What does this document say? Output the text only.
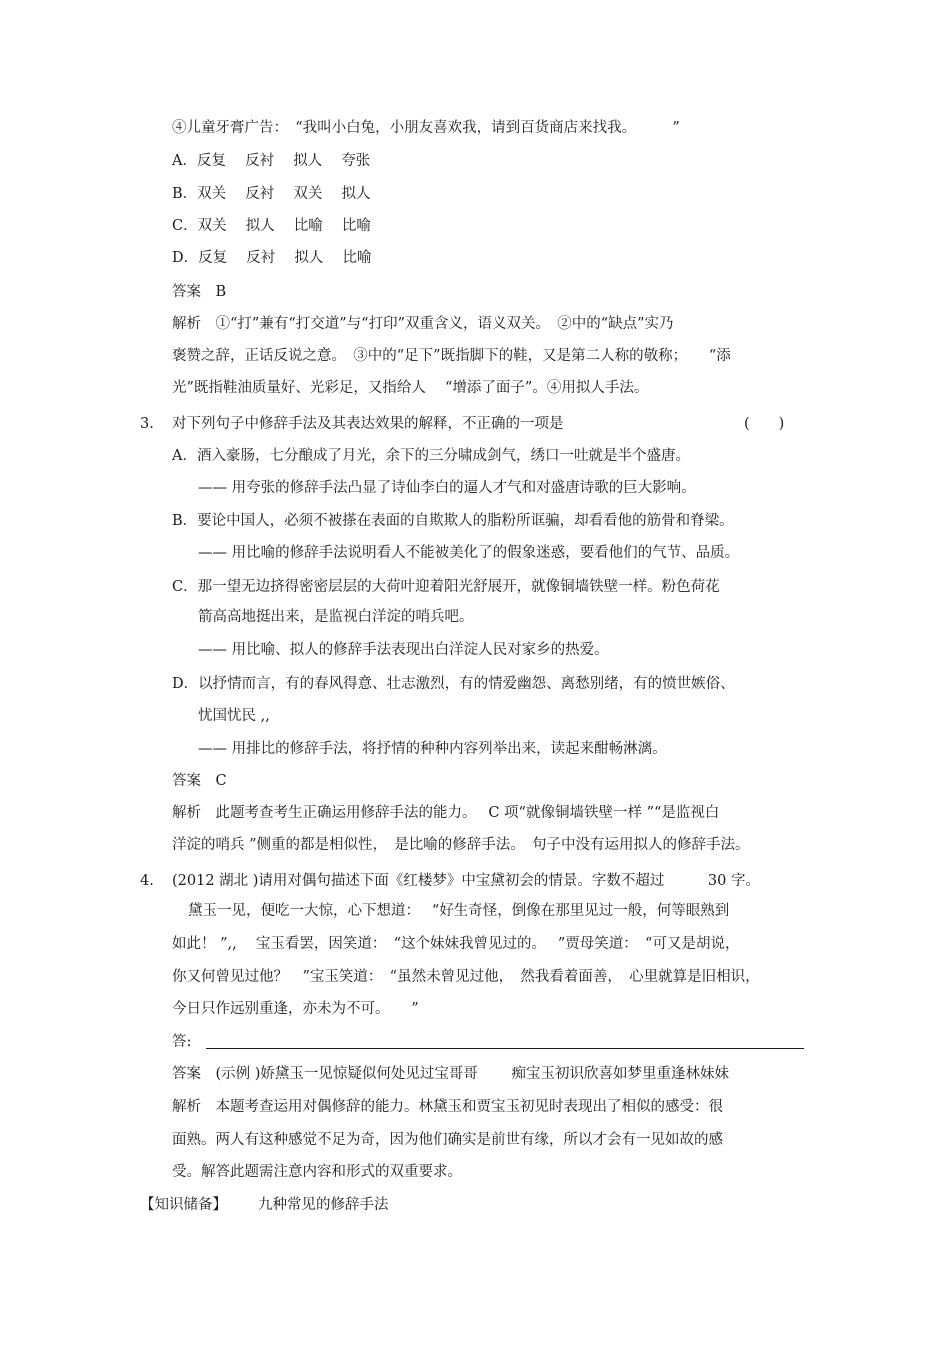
④儿童牙膏广告：　“我叫小白兔，小朋友喜欢我，请到百货商店来找我。　　　”
A．反复　 反衬　 拟人　 夸张
B．双关　 反衬　 双关　 拟人
C．双关　 拟人　 比喻　 比喻
D．反复　 反衬　 拟人　 比喻
答案　B
解析　①“打”兼有“打交道”与“打印”双重含义，语义双关。　②中的“缺点”实乃
褒赞之辞，正话反说之意。　③中的“足下”既指脚下的鞋，又是第二人称的敬称；　　“添
光”既指鞋油质量好、光彩足，又指给人　 “增添了面子”。④用拟人手法。
3. 对下列句子中修辞手法及其表达效果的解释，不正确的一项是	(　　)
A．酒入豪肠，七分酿成了月光，余下的三分啸成剑气，绣口一吐就是半个盛唐。
—— 用夸张的修辞手法凸显了诗仙李白的逼人才气和对盛唐诗歌的巨大影响。
B．要论中国人，必须不被搽在表面的自欺欺人的脂粉所诓骗，却看看他的筋骨和脊梁。
—— 用比喻的修辞手法说明看人不能被美化了的假象迷惑，要看他们的气节、品质。
C．那一望无边挤得密密层层的大荷叶迎着阳光舒展开，就像铜墙铁壁一样。粉色荷花
箭高高地挺出来，是监视白洋淀的哨兵吧。
—— 用比喻、拟人的修辞手法表现出白洋淀人民对家乡的热爱。
D．以抒情而言，有的春风得意、壮志激烈，有的情爱幽怨、离愁别绪，有的愤世嫉俗、
忧国忧民 ,,
—— 用排比的修辞手法，将抒情的种种内容列举出来，读起来酣畅淋漓。
答案　C
解析　此题考查考生正确运用修辞手法的能力。　 C 项“就像铜墙铁壁一样 ”“是监视白
洋淀的哨兵 ”侧重的都是相似性，　是比喻的修辞手法。　句子中没有运用拟人的修辞手法。
4. (2012 湖北 )请用对偶句描述下面《红楼梦》中宝黛初会的情景。字数不超过　　　30 字。
黛玉一见，便吃一大惊，心下想道：　 “好生奇怪，倒像在那里见过一般，何等眼熟到
如此！ ”,,　 宝玉看罢，因笑道：　“这个妹妹我曾见过的。　 ”贾母笑道：　“可又是胡说，
你又何曾见过他？　”宝玉笑道：　“虽然未曾见过他，　然我看着面善，　心里就算是旧相识，
今日只作远别重逢，亦未为不可。　　”
答:
答案　(示例 )娇黛玉一见惊疑似何处见过宝哥哥　　 痴宝玉初识欣喜如梦里重逢林妹妹
解析　本题考查运用对偶修辞的能力。林黛玉和贾宝玉初见时表现出了相似的感受：很
面熟。两人有这种感觉不足为奇，因为他们确实是前世有缘，所以才会有一见如故的感
受。解答此题需注意内容和形式的双重要求。
【知识储备】 九种常见的修辞手法
